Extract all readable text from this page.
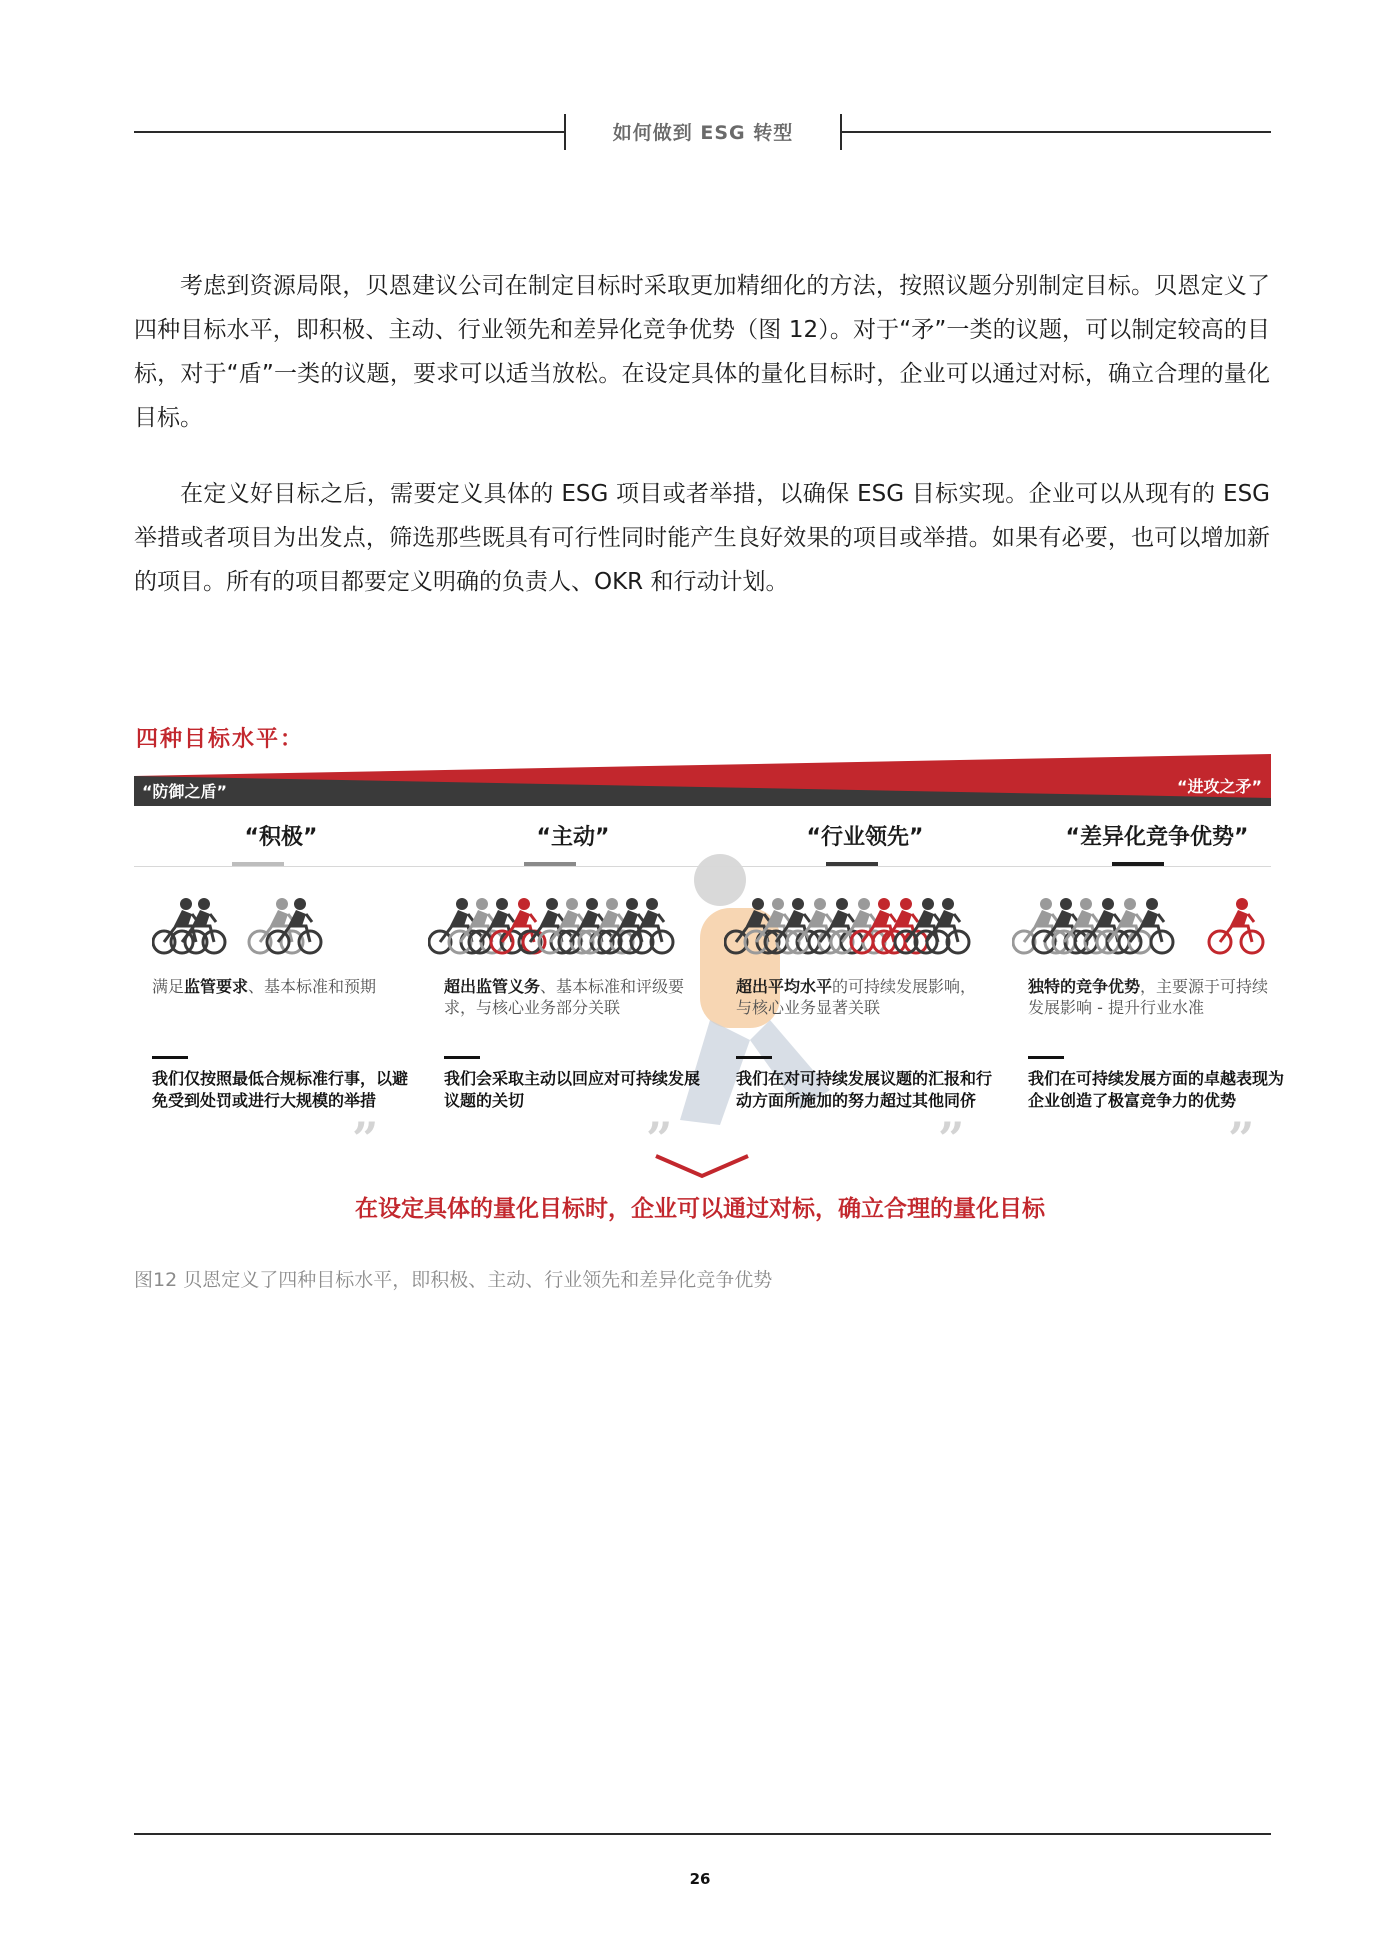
如何做到 ESG 转型
考虑到资源局限，贝恩建议公司在制定目标时采取更加精细化的方法，按照议题分别制定目标。贝恩定义了四种目标水平，即积极、主动、行业领先和差异化竞争优势（图 12）。对于“矛”一类的议题，可以制定较高的目标，对于“盾”一类的议题，要求可以适当放松。在设定具体的量化目标时，企业可以通过对标，确立合理的量化目标。
在定义好目标之后，需要定义具体的 ESG 项目或者举措，以确保 ESG 目标实现。企业可以从现有的 ESG 举措或者项目为出发点，筛选那些既具有可行性同时能产生良好效果的项目或举措。如果有必要，也可以增加新的项目。所有的项目都要定义明确的负责人、OKR 和行动计划。
四种目标水平：
“防御之盾”	“进攻之矛”
“积极”
满足监管要求、基本标准和预期
我们仅按照最低合规标准行事，以避免受到处罚或进行大规模的举措
“主动”
超出监管义务、基本标准和评级要求，与核心业务部分关联
我们会采取主动以回应对可持续发展议题的关切
“行业领先”
超出平均水平的可持续发展影响，与核心业务显著关联
我们在对可持续发展议题的汇报和行动方面所施加的努力超过其他同侪
“差异化竞争优势”
独特的竞争优势，主要源于可持续发展影响 - 提升行业水准
我们在可持续发展方面的卓越表现为企业创造了极富竞争力的优势
”	”	”	”
在设定具体的量化目标时，企业可以通过对标，确立合理的量化目标
图12 贝恩定义了四种目标水平，即积极、主动、行业领先和差异化竞争优势
26
